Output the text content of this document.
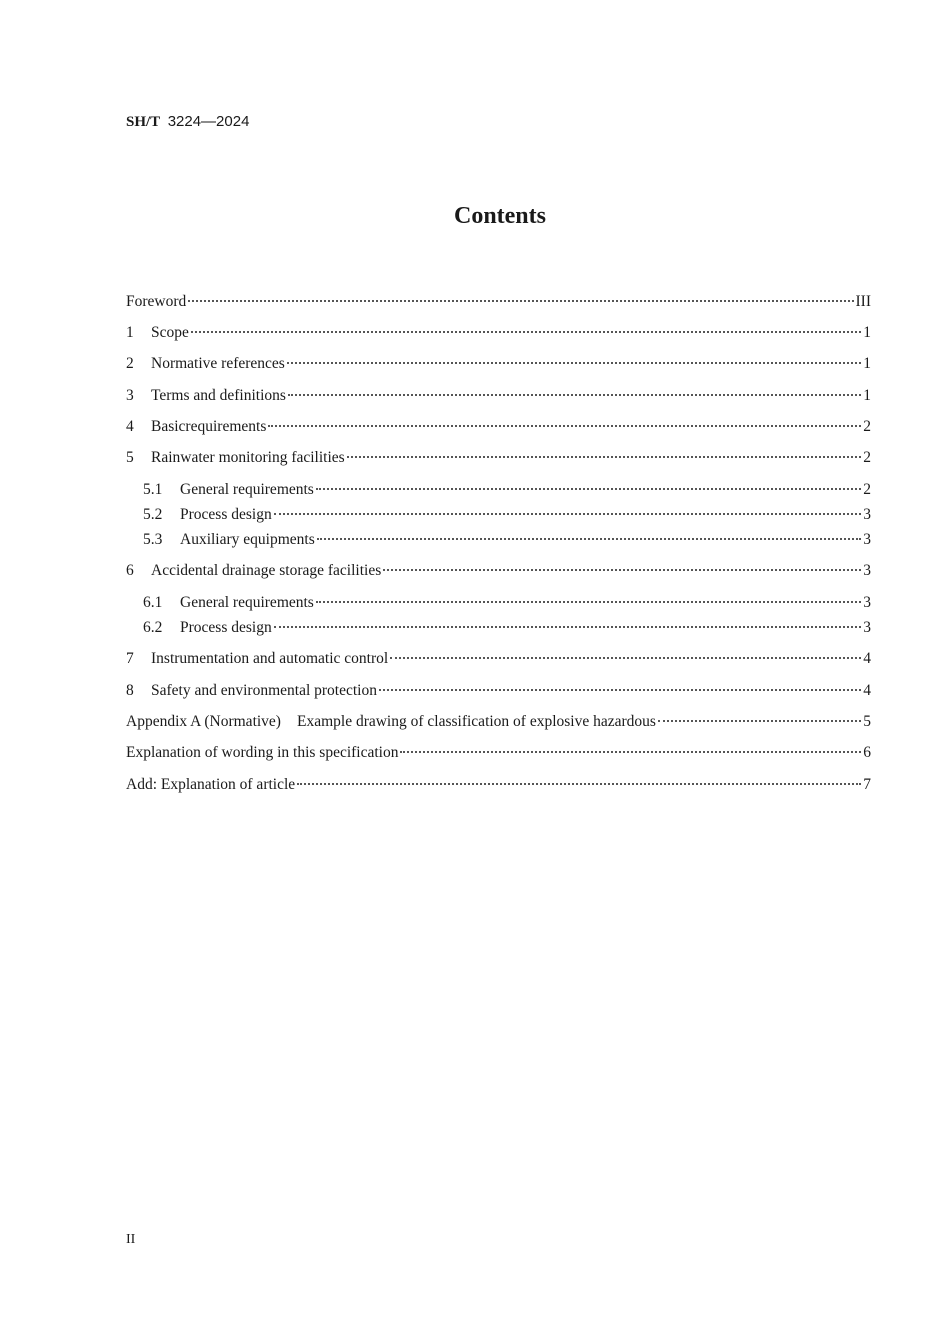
SH/T 3224—2024
Contents
Foreword	III
1	Scope	1
2	Normative references	1
3	Terms and definitions	1
4	Basicrequirements	2
5	Rainwater monitoring facilities	2
5.1	General requirements	2
5.2	Process design	3
5.3	Auxiliary equipments	3
6	Accidental drainage storage facilities	3
6.1	General requirements	3
6.2	Process design	3
7	Instrumentation and automatic control	4
8	Safety and environmental protection	4
Appendix A (Normative) Example drawing of classification of explosive hazardous	5
Explanation of wording in this specification	6
Add: Explanation of article	7
II
